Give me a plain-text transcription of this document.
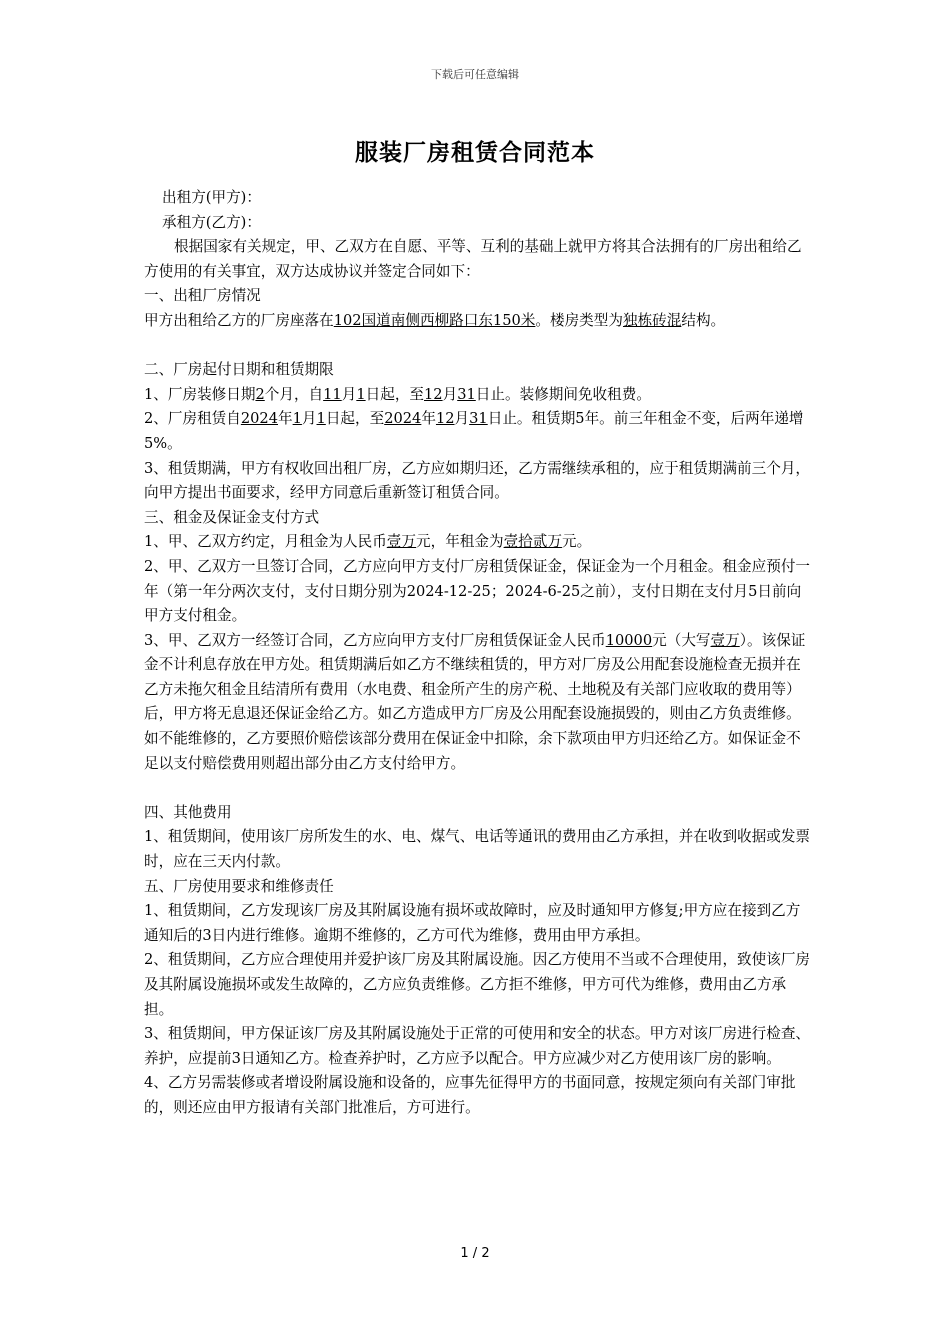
下载后可任意编辑
服装厂房租赁合同范本

出租方(甲方)：

承租方(乙方)：

根据国家有关规定，甲、乙双方在自愿、平等、互利的基础上就甲方将其合法拥有的厂房出租给乙方使用的有关事宜，双方达成协议并签定合同如下：

一、出租厂房情况

甲方出租给乙方的厂房座落在102国道南侧西柳路口东150米。楼房类型为独栋砖混结构。

二、厂房起付日期和租赁期限

1、厂房装修日期2个月，自11月1日起，至12月31日止。装修期间免收租费。

2、厂房租赁自2024年1月1日起，至2024年12月31日止。租赁期5年。前三年租金不变，后两年递增5%。

3、租赁期满，甲方有权收回出租厂房，乙方应如期归还，乙方需继续承租的，应于租赁期满前三个月，向甲方提出书面要求，经甲方同意后重新签订租赁合同。

三、租金及保证金支付方式

1、甲、乙双方约定，月租金为人民币壹万元，年租金为壹拾贰万元。

2、甲、乙双方一旦签订合同，乙方应向甲方支付厂房租赁保证金，保证金为一个月租金。租金应预付一年（第一年分两次支付，支付日期分别为2024-12-25；2024-6-25之前），支付日期在支付月5日前向甲方支付租金。

3、甲、乙双方一经签订合同，乙方应向甲方支付厂房租赁保证金人民币10000元（大写壹万）。该保证金不计利息存放在甲方处。租赁期满后如乙方不继续租赁的，甲方对厂房及公用配套设施检查无损并在乙方未拖欠租金且结清所有费用（水电费、租金所产生的房产税、土地税及有关部门应收取的费用等）后，甲方将无息退还保证金给乙方。如乙方造成甲方厂房及公用配套设施损毁的，则由乙方负责维修。如不能维修的，乙方要照价赔偿该部分费用在保证金中扣除，余下款项由甲方归还给乙方。如保证金不足以支付赔偿费用则超出部分由乙方支付给甲方。

四、其他费用

1、租赁期间，使用该厂房所发生的水、电、煤气、电话等通讯的费用由乙方承担，并在收到收据或发票时，应在三天内付款。

五、厂房使用要求和维修责任

1、租赁期间，乙方发现该厂房及其附属设施有损坏或故障时，应及时通知甲方修复;甲方应在接到乙方通知后的3日内进行维修。逾期不维修的，乙方可代为维修，费用由甲方承担。

2、租赁期间，乙方应合理使用并爱护该厂房及其附属设施。因乙方使用不当或不合理使用，致使该厂房及其附属设施损坏或发生故障的，乙方应负责维修。乙方拒不维修，甲方可代为维修，费用由乙方承担。

3、租赁期间，甲方保证该厂房及其附属设施处于正常的可使用和安全的状态。甲方对该厂房进行检查、养护，应提前3日通知乙方。检查养护时，乙方应予以配合。甲方应减少对乙方使用该厂房的影响。

4、乙方另需装修或者增设附属设施和设备的，应事先征得甲方的书面同意，按规定须向有关部门审批的，则还应由甲方报请有关部门批准后，方可进行。

1 / 2
